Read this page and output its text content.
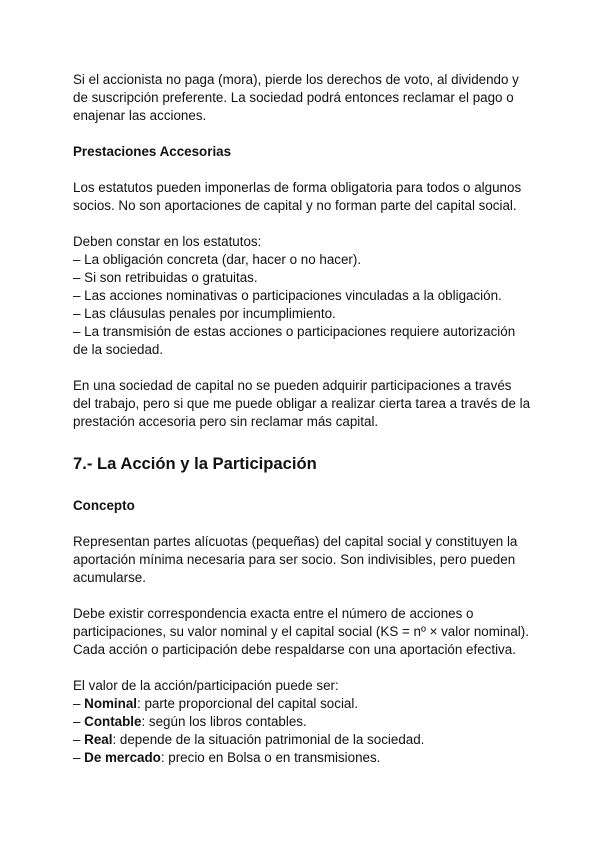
Si el accionista no paga (mora), pierde los derechos de voto, al dividendo y de suscripción preferente. La sociedad podrá entonces reclamar el pago o enajenar las acciones.

Prestaciones Accesorias

Los estatutos pueden imponerlas de forma obligatoria para todos o algunos socios. No son aportaciones de capital y no forman parte del capital social.

Deben constar en los estatutos:
– La obligación concreta (dar, hacer o no hacer).
– Si son retribuidas o gratuitas.
– Las acciones nominativas o participaciones vinculadas a la obligación.
– Las cláusulas penales por incumplimiento.
– La transmisión de estas acciones o participaciones requiere autorización de la sociedad.

En una sociedad de capital no se pueden adquirir participaciones a través del trabajo, pero si que me puede obligar a realizar cierta tarea a través de la prestación accesoria pero sin reclamar más capital.

7.- La Acción y la Participación
Concepto

Representan partes alícuotas (pequeñas) del capital social y constituyen la aportación mínima necesaria para ser socio. Son indivisibles, pero pueden acumularse.

Debe existir correspondencia exacta entre el número de acciones o participaciones, su valor nominal y el capital social (KS = nº × valor nominal). Cada acción o participación debe respaldarse con una aportación efectiva.

El valor de la acción/participación puede ser:
– Nominal: parte proporcional del capital social.
– Contable: según los libros contables.
– Real: depende de la situación patrimonial de la sociedad.
– De mercado: precio en Bolsa o en transmisiones.
